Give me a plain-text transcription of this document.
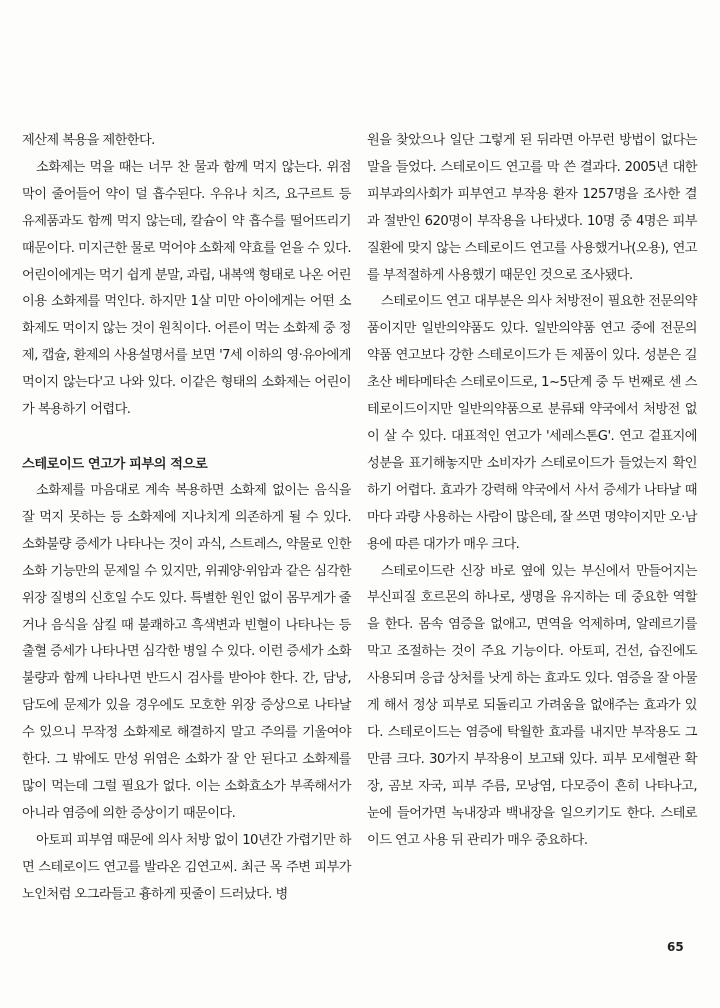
제산제 복용을 제한한다.

소화제는 먹을 때는 너무 찬 물과 함께 먹지 않는다. 위점막이 줄어들어 약이 덜 흡수된다. 우유나 치즈, 요구르트 등 유제품과도 함께 먹지 않는데, 칼슘이 약 흡수를 떨어뜨리기 때문이다. 미지근한 물로 먹어야 소화제 약효를 얻을 수 있다. 어린이에게는 먹기 쉽게 분말, 과립, 내복액 형태로 나온 어린이용 소화제를 먹인다. 하지만 1살 미만 아이에게는 어떤 소화제도 먹이지 않는 것이 원칙이다. 어른이 먹는 소화제 중 정제, 캡슐, 환제의 사용설명서를 보면 '7세 이하의 영·유아에게 먹이지 않는다'고 나와 있다. 이같은 형태의 소화제는 어린이가 복용하기 어렵다.

스테로이드 연고가 피부의 적으로

소화제를 마음대로 계속 복용하면 소화제 없이는 음식을 잘 먹지 못하는 등 소화제에 지나치게 의존하게 될 수 있다. 소화불량 증세가 나타나는 것이 과식, 스트레스, 약물로 인한 소화 기능만의 문제일 수 있지만, 위궤양·위암과 같은 심각한 위장 질병의 신호일 수도 있다. 특별한 원인 없이 몸무게가 줄거나 음식을 삼킬 때 불쾌하고 흑색변과 빈혈이 나타나는 등 출혈 증세가 나타나면 심각한 병일 수 있다. 이런 증세가 소화불량과 함께 나타나면 반드시 검사를 받아야 한다. 간, 담낭, 담도에 문제가 있을 경우에도 모호한 위장 증상으로 나타날 수 있으니 무작정 소화제로 해결하지 말고 주의를 기울여야 한다. 그 밖에도 만성 위염은 소화가 잘 안 된다고 소화제를 많이 먹는데 그럴 필요가 없다. 이는 소화효소가 부족해서가 아니라 염증에 의한 증상이기 때문이다.

아토피 피부염 때문에 의사 처방 없이 10년간 가렵기만 하면 스테로이드 연고를 발라온 김연고씨. 최근 목 주변 피부가 노인처럼 오그라들고 흉하게 핏줄이 드러났다. 병

원을 찾았으나 일단 그렇게 된 뒤라면 아무런 방법이 없다는 말을 들었다. 스테로이드 연고를 막 쓴 결과다. 2005년 대한피부과의사회가 피부연고 부작용 환자 1257명을 조사한 결과 절반인 620명이 부작용을 나타냈다. 10명 중 4명은 피부질환에 맞지 않는 스테로이드 연고를 사용했거나(오용), 연고를 부적절하게 사용했기 때문인 것으로 조사됐다.

스테로이드 연고 대부분은 의사 처방전이 필요한 전문의약품이지만 일반의약품도 있다. 일반의약품 연고 중에 전문의약품 연고보다 강한 스테로이드가 든 제품이 있다. 성분은 길초산 베타메타손 스테로이드로, 1~5단계 중 두 번째로 센 스테로이드이지만 일반의약품으로 분류돼 약국에서 처방전 없이 살 수 있다. 대표적인 연고가 '세레스톤G'. 연고 겉표지에 성분을 표기해놓지만 소비자가 스테로이드가 들었는지 확인하기 어렵다. 효과가 강력해 약국에서 사서 증세가 나타날 때마다 과량 사용하는 사람이 많은데, 잘 쓰면 명약이지만 오·남용에 따른 대가가 매우 크다.

스테로이드란 신장 바로 옆에 있는 부신에서 만들어지는 부신피질 호르몬의 하나로, 생명을 유지하는 데 중요한 역할을 한다. 몸속 염증을 없애고, 면역을 억제하며, 알레르기를 막고 조절하는 것이 주요 기능이다. 아토피, 건선, 습진에도 사용되며 응급 상처를 낫게 하는 효과도 있다. 염증을 잘 아물게 해서 정상 피부로 되돌리고 가려움을 없애주는 효과가 있다. 스테로이드는 염증에 탁월한 효과를 내지만 부작용도 그만큼 크다. 30가지 부작용이 보고돼 있다. 피부 모세혈관 확장, 곰보 자국, 피부 주름, 모낭염, 다모증이 흔히 나타나고, 눈에 들어가면 녹내장과 백내장을 일으키기도 한다. 스테로이드 연고 사용 뒤 관리가 매우 중요하다.

65
